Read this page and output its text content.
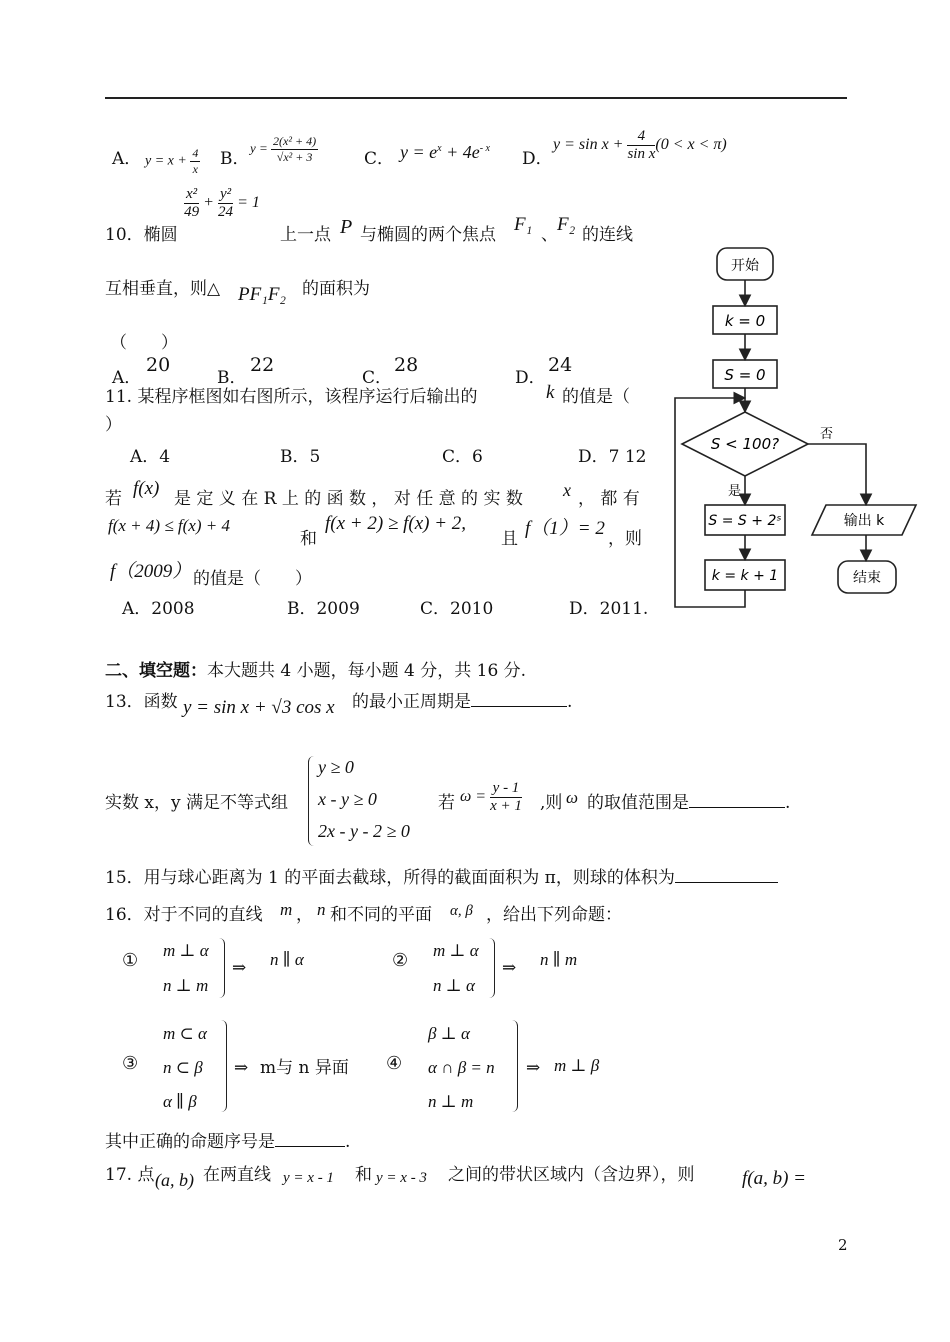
A． $y = x + \frac{4}{x}$ B．
$y = \frac{\text{2(x² + 4)}}{\text{√x² + 3}}$	C． $y = e^x + 4e^{- x}$
D．
$y = \sin x + \frac{4}{\text{sin x}} (0 < x < \pi)$
10．椭圆
$\frac{\text{x²}}{49} + \frac{\text{y²}}{24} = 1$
上一点 P 与椭圆的两个焦点 F₁ 、 F₂ 的连线
互相垂直，则△ PF₁F₂ 的面积为
（　　）
A．
20
B．
22
C．
28
D．
24
11. 某程序框图如右图所示，该程序运行后输出的	k 的值是（
）
A．4	B．5	C．6	D．7 12
若 f(x) 是 定 义 在 R 上 的 函 数 ， 对 任 意 的 实 数 x ， 都 有
f(x + 4) ≤ f(x) + 4
和
f(x + 2) ≥ f(x) + 2,
且 f（1）= 2 ，则
f（2009） 的值是（　　）
A．2008	B．2009	C．2010	D．2011.
开始
k = 0
S = 0
S < 100?
否
是
S = S + 2ˢ
k = k + 1
输出 k
结束
二、填空题：本大题共 4 小题，每小题 4 分，共 16 分.
13．函数 y = sin x + √3 cos x 的最小正周期是	.
实数 x，y 满足不等式组
y ≥ 0
x - y ≥ 0
2x - y - 2 ≥ 0
若 $\omega = \frac{y - 1}{x + 1}$ ,则 ω 的取值范围是	.
15．用与球心距离为 1 的平面去截球，所得的截面面积为 π，则球的体积为
16．对于不同的直线 m ， n 和不同的平面 α, β ，给出下列命题：
① m ⊥ α
n ⊥ m
⇒ n ∥ α	② m ⊥ α
n ⊥ α
⇒ n ∥ m
③
m ⊂ α
n ⊂ β
α ∥ β
⇒ m与 n 异面 ④
β ⊥ α
α ∩ β = n
n ⊥ m
⇒ m ⊥ β
其中正确的命题序号是	.
17. 点 (a, b) 在两直线 y = x - 1 和 y = x - 3 之间的带状区域内（含边界），则	f(a, b) =
2
